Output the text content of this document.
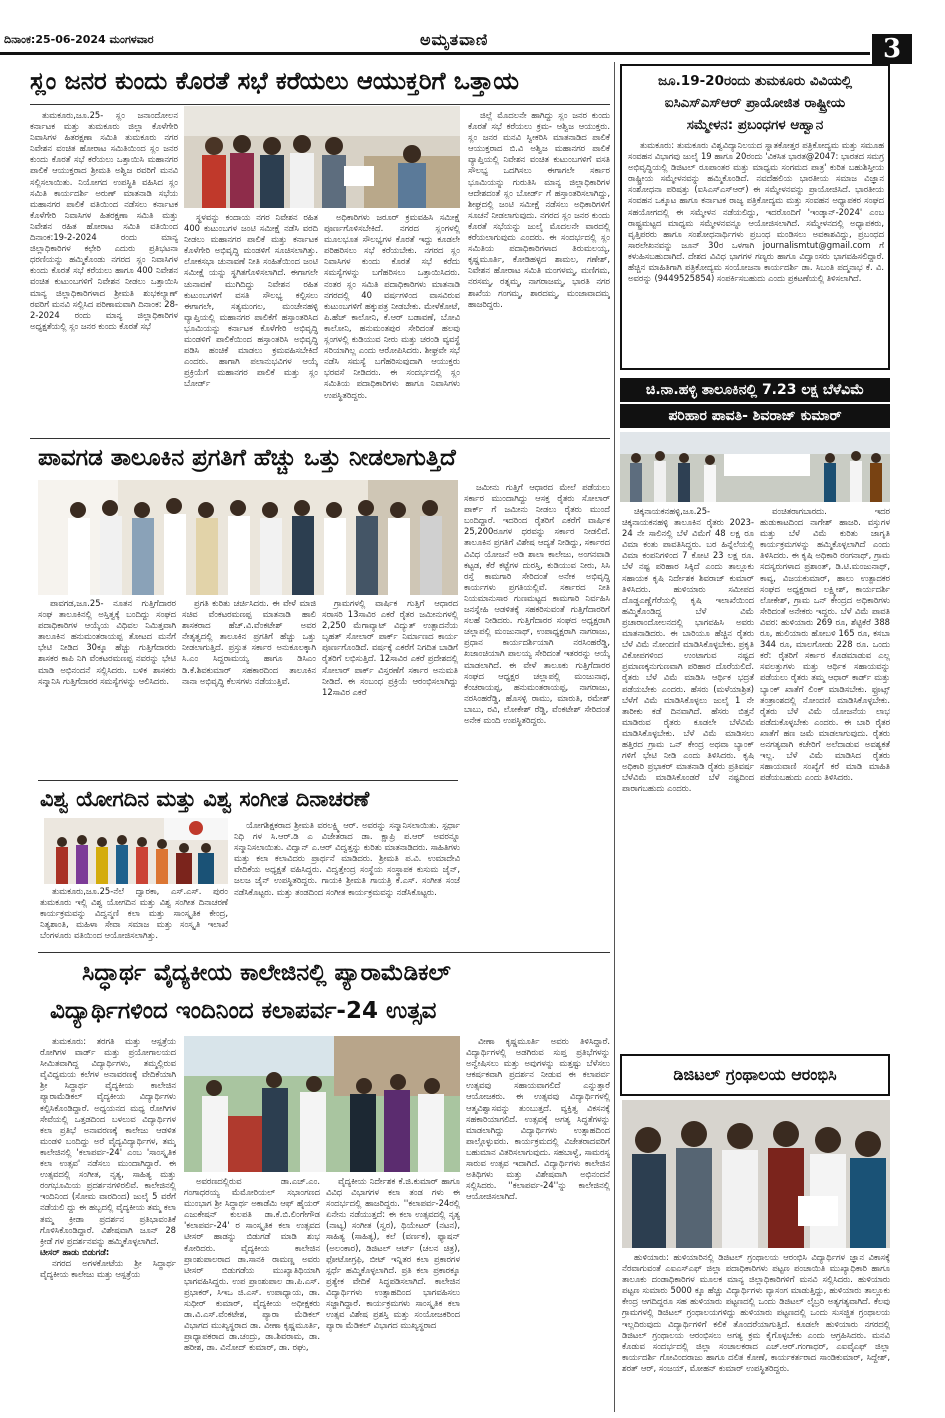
ದಿನಾಂಕ:25-06-2024 ಮಂಗಳವಾರ	ಅಮೃತವಾಣಿ	3
ಸ್ಲಂ ಜನರ ಕುಂದು ಕೊರತೆ ಸಭೆ ಕರೆಯಲು ಆಯುಕ್ತರಿಗೆ ಒತ್ತಾಯ

ತುಮಕೂರು,ಜೂ.25- ಸ್ಲಂ ಜನಾಂದೋಲನ ಕರ್ನಾಟಕ ಮತ್ತು ತುಮಕೂರು ಜಿಲ್ಲಾ ಕೊಳೆಗೇರಿ ನಿವಾಸಿಗಳ ಹಿತರಕ್ಷಣಾ ಸಮಿತಿ ತುಮಕೂರು ನಗರ ನಿವೇಶನ ವಂಚಿತ ಹೋರಾಟ ಸಮಿತಿಯಿಂದ ಸ್ಲಂ ಜನರ ಕುಂದು ಕೊರತೆ ಸಭೆ ಕರೆಯಲು ಒತ್ತಾಯಿಸಿ ಮಹಾನಗರ ಪಾಲಿಕೆ ಆಯುಕ್ತರಾದ ಶ್ರೀಮತಿ ಅಶ್ವಿಜ ರವರಿಗೆ ಮನವಿ ಸಲ್ಲಿಸಲಾಯಿತು. ನಿಯೋಗದ ಉಪಸ್ಥಿತಿ ವಹಿಸಿದ ಸ್ಲಂ ಸಮಿತಿ ಕಾರ್ಯದರ್ಶಿ ಅರುಣ್ ಮಾತನಾಡಿ ಸಭೆಯ ಮಹಾನಗರ ಪಾಲಿಕೆ ವತಿಯಿಂದ ನಡೆಸಲು ಕರ್ನಾಟಕ ಕೊಳೆಗೇರಿ ನಿವಾಸಿಗಳ ಹಿತರಕ್ಷಣಾ ಸಮಿತಿ ಮತ್ತು ನಿವೇಶನ ರಹಿತ ಹೋರಾಟ ಸಮಿತಿ ವತಿಯಿಂದ ದಿನಾಂಕ:19-2-2024 ರಂದು ಮಾನ್ಯ ಜಿಲ್ಲಾಧಿಕಾರಿಗಳ ಕಛೇರಿ ಎದುರು ಪ್ರತಿಭಟನಾ ಧರಣಿಯನ್ನು ಹಮ್ಮಿಕೊಂಡು ನಗರದ ಸ್ಲಂ ನಿವಾಸಿಗಳ ಕುಂದು ಕೊರತೆ ಸಭೆ ಕರೆಯಲು ಹಾಗೂ 400 ನಿವೇಶನ ವಂಚಿತ ಕುಟುಂಬಗಳಿಗೆ ನಿವೇಶನ ನೀಡಲು ಒತ್ತಾಯಿಸಿ ಮಾನ್ಯ ಜಿಲ್ಲಾಧಿಕಾರಿಗಳಾದ ಶ್ರೀಮತಿ ಶುಭಕಲ್ಯಾಣ್ ರವರಿಗೆ ಮನವಿ ಸಲ್ಲಿಸಿದ ಪರಿಣಾಮವಾಗಿ ದಿನಾಂಕ: 28-2-2024 ರಂದು ಮಾನ್ಯ ಜಿಲ್ಲಾಧಿಕಾರಿಗಳ ಅಧ್ಯಕ್ಷತೆಯಲ್ಲಿ ಸ್ಲಂ ಜನರ ಕುಂದು ಕೊರತೆ ಸಭೆ

ಸ್ಥಳವನ್ನು ಕಂದಾಯ ನಗರ ನಿವೇಶನ ರಹಿತ 400 ಕುಟುಂಬಗಳ ಜಂಟಿ ಸಮೀಕ್ಷೆ ನಡೆಸಿ ವರದಿ ನೀಡಲು ಮಹಾನಗರ ಪಾಲಿಕೆ ಮತ್ತು ಕರ್ನಾಟಕ ಕೊಳೆಗೇರಿ ಅಭಿವೃದ್ಧಿ ಮಂಡಳಿಗೆ ಸೂಚಿಸಲಾಗಿತ್ತು. ಲೋಕಸಭಾ ಚುನಾವಣೆ ನೀತಿ ಸಂಹಿತೆಯಿಂದ ಜಂಟಿ ಸಮೀಕ್ಷೆ ಯನ್ನು ಸ್ಥಗಿತಗೊಳಿಸಲಾಗಿದೆ. ಈಗಾಗಲೇ ಚುನಾವಣೆ ಮುಗಿದಿದ್ದು ನಿವೇಶನ ರಹಿತ ಕುಟುಂಬಗಳಿಗೆ ವಸತಿ ಸೌಲಭ್ಯ ಕಲ್ಪಿಸಲು ಈಗಾಗಲೇ, ಸತ್ಯಮಂಗಲ, ಮಂಚೇನಹಳ್ಳಿ ವ್ಯಾಪ್ತಿಯಲ್ಲಿ ಮಹಾನಗರ ಪಾಲಿಕೆಗೆ ಹಸ್ತಾಂತರಿಸಿದ ಭೂಮಿಯನ್ನು ಕರ್ನಾಟಕ ಕೊಳೆಗೇರಿ ಅಭಿವೃದ್ಧಿ ಮಂಡಳಿಗೆ ಪಾಲಿಕೆಯಿಂದ ಹಸ್ತಾಂತರಿಸಿ ಅಭಿವೃದ್ಧಿ ಪಡಿಸಿ ಹಂಚಿಕೆ ಮಾಡಲು ಕ್ರಮವಹಿಸಬೇಕಿದೆ ಎಂದರು. ಹಾಗಾಗಿ ಪಲಾನುಭವಿಗಳ ಆಯ್ಕೆ ಪ್ರಕ್ರಿಯೆಗೆ ಮಹಾನಗರ ಪಾಲಿಕೆ ಮತ್ತು ಸ್ಲಂ ಬೋರ್ಡ್

ಅಧಿಕಾರಿಗಳು ಜರೂರ್ ಕ್ರಮವಹಿಸಿ ಸಮೀಕ್ಷೆ ಪೂರ್ಣಗೊಳಿಸಬೇಕಿದೆ. ನಗರದ ಸ್ಲಂಗಳಲ್ಲಿ ಮೂಲಭೂತ ಸೌಲಭ್ಯಗಳ ಕೊರತೆ ಇದ್ದು ಕೂಡಲೇ ಪರಿಹರಿಸಲು ಸಭೆ ಕರೆಯಬೇಕು. ನಗರದ ಸ್ಲಂ ನಿವಾಸಿಗಳ ಕುಂದು ಕೊರತೆ ಸಭೆ ಕರೆದು ಸಮಸ್ಯೆಗಳನ್ನು ಬಗೆಹರಿಸಲು ಒತ್ತಾಯಿಸಿದರು. ನಂತರ ಸ್ಲಂ ಸಮಿತಿ ಪದಾಧಿಕಾರಿಗಳು ಮಾತನಾಡಿ ನಗರದಲ್ಲಿ 40 ವರ್ಷಗಳಿಂದ ವಾಸವಿರುವ ಕುಟುಂಬಗಳಿಗೆ ಹಕ್ಕುಪತ್ರ ನೀಡಬೇಕು. ಮೇಳೆಕೋಟೆ, ಪಿ.ಹೆಚ್ ಕಾಲೋನಿ, ಕೆ.ಆರ್ ಬಡಾವಣೆ, ಬೋವಿ ಕಾಲೋನಿ, ಹನುಮಂತಪುರ ಸೇರಿದಂತೆ ಹಲವು ಸ್ಲಂಗಳಲ್ಲಿ ಕುಡಿಯುವ ನೀರು ಮತ್ತು ಚರಂಡಿ ವ್ಯವಸ್ಥೆ ಸರಿಯಾಗಿಲ್ಲ ಎಂದು ಆರೋಪಿಸಿದರು. ಶೀಘ್ರವೇ ಸಭೆ ನಡೆಸಿ ಸಮಸ್ಯೆ ಬಗೆಹರಿಸುವುದಾಗಿ ಆಯುಕ್ತರು ಭರವಸೆ ನೀಡಿದರು. ಈ ಸಂದರ್ಭದಲ್ಲಿ ಸ್ಲಂ ಸಮಿತಿಯ ಪದಾಧಿಕಾರಿಗಳು ಹಾಗೂ ನಿವಾಸಿಗಳು ಉಪಸ್ಥಿತರಿದ್ದರು.

ಜಿಲ್ಲೆ ಮೊದಲನೇ ಹಾಗಿದ್ದು ಸ್ಲಂ ಜನರ ಕುಂದು ಕೊರತೆ ಸಭೆ ಕರೆಯಲು ಕ್ರಮ- ಆಶ್ವಿಜ ಆಯುಕ್ತರು. ಸ್ಲಂ ಜನರ ಮನವಿ ಸ್ವೀಕರಿಸಿ ಮಾತನಾಡಿದ ಪಾಲಿಕೆ ಆಯುಕ್ತರಾದ ಬಿ.ವಿ ಅಶ್ವಿಜ ಮಹಾನಗರ ಪಾಲಿಕೆ ವ್ಯಾಪ್ತಿಯಲ್ಲಿ ನಿವೇಶನ ವಂಚಿತ ಕುಟುಂಬಗಳಿಗೆ ವಸತಿ ಸೌಲಭ್ಯ ಒದಗಿಸಲು ಈಗಾಗಲೇ ಸರ್ಕಾರ ಭೂಮಿಯನ್ನು ಗುರುತಿಸಿ ಮಾನ್ಯ ಜಿಲ್ಲಾಧಿಕಾರಿಗಳ ಆದೇಶದಂತೆ ಸ್ಲಂ ಬೋರ್ಡ್ ಗೆ ಹಸ್ತಾಂತರಿಸಲಾಗಿದ್ದು, ಶೀಘ್ರದಲ್ಲಿ ಜಂಟಿ ಸಮೀಕ್ಷೆ ನಡೆಸಲು ಅಧಿಕಾರಿಗಳಿಗೆ ಸೂಚನೆ ನೀಡಲಾಗುವುದು. ನಗರದ ಸ್ಲಂ ಜನರ ಕುಂದು ಕೊರತೆ ಸಭೆಯನ್ನು ಜುಲೈ ಮೊದಲನೇ ವಾರದಲ್ಲಿ ಕರೆಯಲಾಗುವುದು ಎಂದರು. ಈ ಸಂದರ್ಭದಲ್ಲಿ ಸ್ಲಂ ಸಮಿತಿಯ ಪದಾಧಿಕಾರಿಗಳಾದ ತಿರುಮಲಯ್ಯ, ಕೃಷ್ಣಮೂರ್ತಿ, ಕೋಡಿಹಳ್ಳದ ಶಾಮಲ, ಗಣೇಶ್, ನಿವೇಶನ ಹೋರಾಟ ಸಮಿತಿ ಮಂಗಳಮ್ಮ, ಮಣಿಗಮ, ನರಸಮ್ಮ, ರತ್ನಮ್ಮ, ನಾಗರಾಜಮ್ಮ, ಭಾರತಿ ನಗರ ಶಾಖೆಯ ಗಂಗಮ್ಮ, ಶಾರದಮ್ಮ, ಮಂಜಾವಾದಮ್ಮ ಹಾಜರಿದ್ದರು.

ಪಾವಗಡ ತಾಲೂಕಿನ ಪ್ರಗತಿಗೆ ಹೆಚ್ಚು ಒತ್ತು ನೀಡಲಾಗುತ್ತಿದೆ

ಪಾವಗಡ,ಜೂ.25- ನೂತನ ಗುತ್ತಿಗೆದಾರರ ಸಂಘ ತಾಲೂಕಿನಲ್ಲಿ ಅಸ್ತಿತ್ವಕ್ಕೆ ಬಂದಿದ್ದು ಸಂಘದ ಪದಾಧಿಕಾರಿಗಳ ಆಯ್ಕೆಯ ವಿಧಿವಲ ನಿಮಿತ್ತವಾಗಿ ತಾಲೂಕಿನ ಹನುಮಂತರಾಯಪ್ಪ ತೋಟದ ಮನೆಗೆ ಭೇಟಿ ನೀಡಿದ 30ಕ್ಕೂ ಹೆಚ್ಚು ಗುತ್ತಿಗೆದಾರರು ಶಾಸಕರ ಕಾಪಿ ನಿಗಿ ವೆಂಕಟರಮಣಪ್ಪ ನವರನ್ನು ಭೇಟಿ ಮಾಡಿ ಅಭಿನಂದನೆ ಸಲ್ಲಿಸಿದರು. ಬಳಿಕ ಶಾಸಕರು ಸನ್ಮಾನಿಸಿ ಗುತ್ತಿಗೆದಾರರ ಸಮಸ್ಯೆಗಳನ್ನು ಆಲಿಸಿದರು.

ಪ್ರಗತಿ ಕುರಿತು ಚರ್ಚಿಸಿದರು. ಈ ವೇಳೆ ಮಾಜಿ ಸಚಿವ ವೆಂಕಟರಮಣಪ್ಪ ಮಾತನಾಡಿ ಹಾಲಿ ಶಾಸಕರಾದ ಹೆಚ್.ವಿ.ವೆಂಕಟೇಶ್ ಅವರ ನೇತೃತ್ವದಲ್ಲಿ ತಾಲೂಕಿನ ಪ್ರಗತಿಗೆ ಹೆಚ್ಚು ಒತ್ತು ನೀಡಲಾಗುತ್ತಿದೆ. ಪ್ರಸ್ತುತ ಸರ್ಕಾರ ಅನುಕೂಲಕ್ಕಾಗಿ ಸಿ.ಎಂ ಸಿದ್ದರಾಮಯ್ಯ ಹಾಗೂ ಡಿಸಿಎಂ ಡಿ.ಕೆ.ಶಿವಕುಮಾರ್ ಸಹಕಾರದಿಂದ ತಾಲೂಕಿನ ನಾನಾ ಅಭಿವೃದ್ಧಿ ಕೆಲಸಗಳು ನಡೆಯುತ್ತಿವೆ.

ಗ್ರಾಮಗಳಲ್ಲಿ ವಾರ್ಷಿಕ ಗುತ್ತಿಗೆ ಆಧಾರದ ಸರಾಸರಿ 13ಸಾವಿರ ಎಕರೆ ರೈತರ ಜಮೀನುಗಳಲ್ಲಿ 2,250 ಮೆಗಾವ್ಯಾಟ್ ವಿದ್ಯುತ್ ಉತ್ಪಾದನೆಯ ಬೃಹತ್ ಸೋಲಾರ್ ಪಾರ್ಕ್ ನಿರ್ಮಾಣದ ಕಾರ್ಯ ಪೂರ್ಣಗೊಂಡಿದೆ. ವರ್ಷಕ್ಕೆ ಎಕರೆಗೆ ನಿಗದಿತ ಬಾಡಿಗೆ ರೈತರಿಗೆ ಲಭಿಸುತ್ತಿದೆ. 12ಸಾವಿರ ಎಕರೆ ಪ್ರದೇಶದಲ್ಲಿ ಸೋಲಾರ್ ಪಾರ್ಕ್ ವಿಸ್ತರಣೆಗೆ ಸರ್ಕಾರ ಅನುಮತಿ ನೀಡಿದೆ. ಈ ಸಂಬಂಧ ಪ್ರಕ್ರಿಯೆ ಆರಂಭಿಸಲಾಗಿದ್ದು 12ಸಾವಿರ ಎಕರೆ

ಜಮೀನು ಗುತ್ತಿಗೆ ಆಧಾರದ ಮೇಲೆ ಪಡೆಯಲು ಸರ್ಕಾರ ಮುಂದಾಗಿದ್ದು ಆಸಕ್ತ ರೈತರು ಸೋಲಾರ್ ಪಾರ್ಕ್ ಗೆ ಜಮೀನು ನೀಡಲು ರೈತರು ಮುಂದೆ ಬಂದಿದ್ದಾರೆ. ಇದರಿಂದ ರೈತರಿಗೆ ಎಕರೆಗೆ ವಾರ್ಷಿಕ 25,200ರೂಗಳ ಧರವನ್ನು ಸರ್ಕಾರ ನೀಡಲಿದೆ. ತಾಲೂಕಿನ ಪ್ರಗತಿಗೆ ವಿಶೇಷ ಆದ್ಯತೆ ನೀಡಿದ್ದು, ಸರ್ಕಾರದ ವಿವಿಧ ಯೋಜನೆ ಅಡಿ ಶಾಲಾ ಕಾಲೇಜು, ಅಂಗನವಾಡಿ ಕಟ್ಟಡ, ಕೆರೆ ಕಟ್ಟೆಗಳ ದುರಸ್ತಿ, ಕುಡಿಯುವ ನೀರು, ಸಿಸಿ ರಸ್ತೆ ಕಾಮಗಾರಿ ಸೇರಿದಂತೆ ಅನೇಕ ಅಭಿವೃದ್ಧಿ ಕಾರ್ಯಗಳು ಪ್ರಗತಿಯಲ್ಲಿವೆ. ಸರ್ಕಾರದ ನೀತಿ ನಿಯಮಾನುಸಾರ ಗುಣಮಟ್ಟದ ಕಾಮಗಾರಿ ನಿರ್ವಹಿಸಿ ಜನಸ್ನೇಹಿ ಆಡಳಿತಕ್ಕೆ ಸಹಕರಿಸುವಂತೆ ಗುತ್ತಿಗೆದಾರರಿಗೆ ಸಲಹೆ ನೀಡಿದರು. ಗುತ್ತಿಗೆದಾರರ ಸಂಘದ ಅಧ್ಯಕ್ಷರಾಗಿ ಚಲ್ಲಾಪಲ್ಲಿ ಮಂಜುನಾಥ್, ಉಪಾಧ್ಯಕ್ಷರಾಗಿ ನಾಗರಾಜು, ಪ್ರಧಾನ ಕಾರ್ಯದರ್ಶಿಯಾಗಿ ನರಸಿಂಹರೆಡ್ಡಿ, ಖಜಾಂಚಿಯಾಗಿ ಪಾಲಯ್ಯ ಸೇರಿದಂತೆ ಇತರರನ್ನು ಆಯ್ಕೆ ಮಾಡಲಾಗಿದೆ. ಈ ವೇಳೆ ತಾಲೂಕು ಗುತ್ತಿಗೆದಾರರ ಸಂಘದ ಆಧ್ಯಕ್ಷರ ಚಲ್ಲಾಪಲ್ಲಿ ಮಂಜುನಾಥ, ಕೆಂಚರಾಯಪ್ಪ, ಹನುಮಂತರಾಯಪ್ಪ, ನಾಗರಾಜು, ನರಸಿಂಹರೆಡ್ಡಿ, ಹೊಸಳ್ಳಿ ರಾಮು, ಮಾರುತಿ, ರಮೇಶ್ ಬಾಬು, ರವಿ, ಲೋಕೇಶ್ ರೆಡ್ಡಿ, ವೆಂಕಟೇಶ್ ಸೇರಿದಂತೆ ಅನೇಕ ಮಂದಿ ಉಪಸ್ಥಿತರಿದ್ದರು.

ವಿಶ್ವ ಯೋಗದಿನ ಮತ್ತು ವಿಶ್ವ ಸಂಗೀತ ದಿನಾಚರಣೆ

ತುಮಕೂರು,ಜೂ.25-ನೆಲೆ ದ್ವಾರಕಾ, ಎಸ್.ಎಸ್. ಪುರಂ ತುಮಕೂರು ಇಲ್ಲಿ ವಿಶ್ವ ಯೋಗದಿನ ಮತ್ತು ವಿಶ್ವ ಸಂಗೀತ ದಿನಾಚರಣೆ ಕಾರ್ಯಕ್ರಮವನ್ನು ವಿದ್ವನ್ಮಣಿ ಕಲಾ ಮತ್ತು ಸಾಂಸ್ಕೃತಿಕ ಕೇಂದ್ರ, ನಿತ್ಯಶಾಂತಿ, ಮಹಿಳಾ ಸೇವಾ ಸಮಾಜ ಮತ್ತು ಸಂಸ್ಕೃತಿ ಇಲಾಖೆ ಬೆಂಗಳೂರು ವತಿಯಿಂದ ಆಯೋಜಿಸಲಾಗಿತ್ತು.

ಯೋಗಶಿಕ್ಷಕರಾದ ಶ್ರೀಮತಿ ವರಲಕ್ಷ್ಮಿ ಆರ್. ಅವರನ್ನು ಸನ್ಮಾನಿಸಲಾಯಿತು. ಸ್ಪರ್ಧಾ ನಿಧಿ ಗಳ ಸಿ.ಆರ್.ಡಿ ಎ ವಿಜೇತರಾದ ಡಾ. ಕ್ಷಾಪ್ರಿ ಪ.ಆರ್ ಅವರನ್ನೂ ಸನ್ಮಾನಿಸಲಾಯಿತು. ವಿದ್ವಾನ್ ಎ.ಆರ್ ವಿದ್ವತ್ತನ್ನು ಕುರಿತು ಮಾತನಾಡಿದರು. ಸಾಹಿತಿಗಳು ಮತ್ತು ಕಲಾ ಕಲಾವಿದರು ಪ್ರಾರ್ಥನೆ ಮಾಡಿದರು. ಶ್ರೀಮತಿ ಪ.ವಿ. ಉಮಾದೇವಿ ವೇದಿಕೆಯ ಅಧ್ಯಕ್ಷತೆ ವಹಿಸಿದ್ದರು. ವಿದ್ವತ್ತೇಂದ್ರ ಸಂಸ್ಥೆಯ ಸಂಸ್ಥಾಪಕ ಕುಸುಮ ಜೈನ್, ಜಲಜ ಜೈನ್ ಉಪಸ್ಥಿತರಿದ್ದರು. ಗಾಯಕಿ ಶ್ರೀಮತಿ ಗಾಯತ್ರಿ ಕೆ.ಎಸ್. ಸಂಗೀತ ಸಂಜೆ ನಡೆಸಿಕೊಟ್ಟರು. ಮತ್ತು ತಂಡದಿಂದ ಸಂಗೀತ ಕಾರ್ಯಕ್ರಮವನ್ನು ನಡೆಸಿಕೊಟ್ಟರು.

ಸಿದ್ಧಾರ್ಥ ವೈದ್ಯಕೀಯ ಕಾಲೇಜಿನಲ್ಲಿ ಪ್ಯಾರಾಮೆಡಿಕಲ್
ವಿದ್ಯಾರ್ಥಿಗಳಿಂದ ಇಂದಿನಿಂದ ಕಲಾಪರ್ವ-24 ಉತ್ಸವ

ತುಮಕೂರು: ತರಗತಿ ಮತ್ತು ಆಸ್ಪತ್ರೆಯ ರೋಗಿಗಳ ವಾರ್ಡ್ ಮತ್ತು ಪ್ರಯೋಗಾಲಯದ ಸೀಮಿತವಾಗಿದ್ದ ವಿದ್ಯಾರ್ಥಿಗಳು, ತಮ್ಮಲ್ಲಿರುವ ವೈವಿಧ್ಯಮಯ ಕಲೆಗಳ ಅನಾವರಣಕ್ಕೆ ವೇದಿಕೆಯಾಗಿ ಶ್ರೀ ಸಿದ್ಧಾರ್ಥ ವೈದ್ಯಕೀಯ ಕಾಲೇಜಿನ ಪ್ಯಾರಾಮೆಡಿಕಲ್ ವೈದ್ಯಕೀಯ ವಿದ್ಯಾರ್ಥಿಗಳು ಕಲ್ಪಿಸಿಕೊಂಡಿದ್ದಾರೆ. ಅಧ್ಯಯನದ ಮಧ್ಯ ರೋಗಿಗಳ ಸೇವೆಯಲ್ಲಿ ಒತ್ತಡದಿಂದ ಬಳಲುವ ವಿದ್ಯಾರ್ಥಿಗಳ ಕಲಾ ಪ್ರತಿಭೆ ಅನಾವರಣಕ್ಕೆ ಕಾಲೇಜು ಆಡಳಿತ ಮಂಡಳಿ ಬಂದಿದ್ದು ಅರೆ ವೈದ್ಯವಿದ್ಯಾರ್ಥಿಗಳ, ತಮ್ಮ ಕಾಲೇಜಿನಲ್ಲಿ 'ಕಲಾಪರ್ವ-24' ಎಂಬ 'ಸಾಂಸ್ಕೃತಿಕ ಕಲಾ ಉತ್ಸವ' ನಡೆಸಲು ಮುಂದಾಗಿದ್ದಾರೆ. ಈ ಉತ್ಸವದಲ್ಲಿ ಸಂಗೀತ, ನೃತ್ಯ, ಸಾಹಿತ್ಯ ಮತ್ತು ರಂಗಭೂಮಿಯ ಪ್ರದರ್ಶನಗಳಿರಲಿವೆ. ಕಾಲೇಜಿನಲ್ಲಿ ಇಂದಿನಿಂದ (ಸೋಮ ವಾರದಿಂದ) ಜುಲೈ 5 ವರೆಗೆ ನಡೆಯಲಿ ದ್ದು ಈ ಹಬ್ಬದಲ್ಲಿ ವೈದ್ಯಕೀಯ ತಮ್ಮ ಕಲಾ ತಮ್ಮ ಕ್ರೀಡಾ ಪ್ರದರ್ಶನ ಪ್ರತಿಭಾವಂತಿಕೆ ಗೊಳಿಸಿಕೊಂಡಿದ್ದಾರೆ. ವಿಶೇಷವಾಗಿ ಜೂನ್ 28 ಕ್ರೀಡೆ ಗಳ ಪ್ರದರ್ಶನವನ್ನು ಹಮ್ಮಿಕೊಳ್ಳಲಾಗಿದೆ.

ಟೀಸರ್ ಹಾಡು ಬಿಡುಗಡೆ:

ನಗರದ ಅಗಳಕೋಟೆಯ ಶ್ರೀ ಸಿದ್ಧಾರ್ಥ ವೈದ್ಯಕೀಯ ಕಾಲೇಜು ಮತ್ತು ಆಸ್ಪತ್ರೆಯ

ಅವರಣದಲ್ಲಿರುವ ಡಾ.ಎಚ್.ಎಂ. ಗಂಗಾಧರಯ್ಯ ಮೆಮೋರಿಯಲ್ ಸಭಾಂಗಣದ ಮುಂಭಾಗ ಶ್ರೀ ಸಿದ್ಧಾರ್ಥ ಅಕಾಡೆಮಿ ಆಫ್ ಹೈಯರ್ ಎಜುಕೇಷನ್ ಕುಲಪತಿ ಡಾ.ಕೆ.ಬಿ.ಲಿಂಗೇಗೌಡ 'ಕಲಾಪರ್ವ-24' ರ ಸಾಂಸ್ಕೃತಿಕ ಕಲಾ ಉತ್ಸವದ ಟೀಸರ್ ಹಾಡನ್ನು ಬಿಡುಗಡೆ ಮಾಡಿ ಶುಭ ಕೋರಿದರು. ವೈದ್ಯಕೀಯ ಕಾಲೇಜಿನ ಪ್ರಾಂಶುಪಾಲರಾದ ಡಾ.ಸಾನಕಿ ರಾಮಣ್ಣ ಅವರು ಟೀಸರ್ ಬಿಡುಗಡೆಯ ಮುಖ್ಯಾತಿಥಿಯಾಗಿ ಭಾಗವಹಿಸಿದ್ದರು. ಉಪ ಪ್ರಾಂಶುಪಾಲ ಡಾ.ಪಿ.ಎಸ್. ಪ್ರಭಾಕರ್, ಸಿಇಒ ಜಿ.ಎಸ್. ಉಪಾಧ್ಯಾಯ, ಡಾ. ಸುಧೀರ್ ಕುಮಾರ್, ವೈದ್ಯಕೀಯ ಅಧೀಕ್ಷಕರು ಡಾ.ವಿ.ಎಸ್.ವೆಂಕಟೇಶ, ಪ್ಯಾರಾ ಮೆಡಿಕಲ್ ವಿಭಾಗದ ಮುಖ್ಯಸ್ಥರಾದ ಡಾ. ವೀಣಾ ಕೃಷ್ಣಮೂರ್ತಿ, ಪ್ರಾಧ್ಯಾಪಕರಾದ ಡಾ.ಚಂದ್ರು, ಡಾ.ಶಿವರಾಮ, ಡಾ. ಹರೀಶ, ಡಾ. ವಿನೋದ್ ಕುಮಾರ್, ಡಾ. ರಘು,

ವೈದ್ಯಕೀಯ ನಿರ್ದೇಶಕ ಕೆ.ಜಿ.ಕುಮಾರ್ ಹಾಗೂ ವಿವಿಧ ವಿಭಾಗಗಳ ಕಲಾ ತಂಡ ಗಳು ಈ ಸಂದರ್ಭದಲ್ಲಿ ಹಾಜರಿದ್ದರು. ''ಕಲಾಪರ್ವ-24ರಲ್ಲಿ ಏನೇನು ನಡೆಯುತ್ತದೆ: ಈ ಕಲಾ ಉತ್ಸವದಲ್ಲಿ ನೃತ್ಯ (ನಾಟ್ಯ) ಸಂಗೀತ (ಸ್ವರ), ಥಿಯೇಟರ್ (ನಟನ), ಸಾಹಿತ್ಯ (ಸಾಹಿತ್ಯ), ಕಲೆ (ವರ್ಣಕ), ಫ್ಯಾಷನ್ (ಅಲಂಕಾರ), ಡಿಜಿಟಲ್ ಆರ್ಟ್ (ಚಲನ ಚಿತ್ರ), ಫೋಟೋಗ್ರಫಿ, ಬೀಟ್ ಇನ್ನಿತರ ಕಲಾ ಪ್ರಕಾರಗಳ ಸ್ಪರ್ಧೆ ಹಮ್ಮಿಕೊಳ್ಳಲಾಗಿದೆ. ಪ್ರತಿ ಕಲಾ ಪ್ರಕಾರಕ್ಕೂ ಪ್ರತ್ಯೇಕ ವೇದಿಕೆ ಸಿದ್ಧಪಡಿಸಲಾಗಿದೆ. ಕಾಲೇಜಿನ ವಿದ್ಯಾರ್ಥಿಗಳು ಉತ್ಸಾಹದಿಂದ ಭಾಗವಹಿಸಲು ಸಜ್ಜಾಗಿದ್ದಾರೆ. ಕಾರ್ಯಕ್ರಮಗಳು ಸಾಂಸ್ಕೃತಿಕ ಕಲಾ ಉತ್ಸವ ವಿಶೇಷ ಪ್ರಶಸ್ತಿ ಮತ್ತು ಸಂಯೋಜಕರಿಂದ ಪ್ಯಾರಾ ಮೆಡಿಕಲ್ ವಿಭಾಗದ ಮುಖ್ಯಸ್ಥರಾದ

ವೀಣಾ ಕೃಷ್ಣಮೂರ್ತಿ ಅವರು ತಿಳಿಸಿದ್ದಾರೆ. ವಿದ್ಯಾರ್ಥಿಗಳಲ್ಲಿ ಅಡಗಿರುವ ಸುಪ್ತ ಪ್ರತಿಭೆಗಳನ್ನು ಅನ್ವೇಷಿಸಲು ಮತ್ತು ಅವುಗಳನ್ನು ಮತ್ತಷ್ಟು ಬೆಳೆಸಲು ಆಕರ್ಷಕವಾಗಿ ಪ್ರದರ್ಶನ ನೀಡುವ ಈ ಕಲಾಪರ್ವ ಉತ್ಸವವು ಸಹಾಯವಾಗಲಿದೆ ಎನ್ನುತ್ತಾರೆ ಆಯೋಜಕರು. ಈ ಉತ್ಸವವು ವಿದ್ಯಾರ್ಥಿಗಳಲ್ಲಿ ಆತ್ಮವಿಶ್ವಾಸವನ್ನು ತುಂಬುತ್ತದೆ. ವ್ಯಕ್ತಿತ್ವ ವಿಕಸನಕ್ಕೆ ಸಹಕಾರಿಯಾಗಲಿದೆ. ಉತ್ಸವಕ್ಕೆ ಅಗತ್ಯ ಸಿದ್ಧತೆಗಳನ್ನು ಮಾಡಲಾಗಿದ್ದು ವಿದ್ಯಾರ್ಥಿಗಳು ಉತ್ಸಾಹದಿಂದ ಪಾಲ್ಗೊಳ್ಳುವರು. ಕಾರ್ಯಕ್ರಮದಲ್ಲಿ ವಿಜೇತರಾದವರಿಗೆ ಬಹುಮಾನ ವಿತರಿಸಲಾಗುವುದು. ಸಹಬಾಳ್ವೆ, ಸಾಮರಸ್ಯ ಸಾರುವ ಉತ್ಸವ ಇದಾಗಿದೆ. ವಿದ್ಯಾರ್ಥಿಗಳು ಕಾಲೇಜಿನ ಅತಿಥಿಗಳು ಮತ್ತು ವಿಶೇಷವಾಗಿ ಅಭಿನಂದನೆ ಸಲ್ಲಿಸಿದರು. ''ಕಲಾಪರ್ವ-24''ನ್ನು ಕಾಲೇಜಿನಲ್ಲಿ ಆಯೋಜಿಸಲಾಗಿದೆ.

ಜೂ.19-20ರಂದು ತುಮಕೂರು ವಿವಿಯಲ್ಲಿ
ಐಸಿಎಸ್ಎಸ್ಆರ್ ಪ್ರಾಯೋಜಿತ ರಾಷ್ಟ್ರೀಯ
ಸಮ್ಮೇಳನ: ಪ್ರಬಂಧಗಳ ಆಹ್ವಾನ

ತುಮಕೂರು: ತುಮಕೂರು ವಿಶ್ವವಿದ್ಯಾನಿಲಯದ ಸ್ನಾತಕೋತ್ತರ ಪತ್ರಿಕೋದ್ಯಮ ಮತ್ತು ಸಮೂಹ ಸಂವಹನ ವಿಭಾಗವು ಜುಲೈ 19 ಹಾಗೂ 20ರಂದು 'ವಿಕಸಿತ ಭಾರತ@2047: ಭಾರತದ ಸಮಗ್ರ ಅಭಿವೃದ್ಧಿಯಲ್ಲಿ ಡಿಜಿಟಲ್ ರೂಪಾಂತರ ಮತ್ತು ಮಾಧ್ಯಮ ಸಂಗಮದ ಪಾತ್ರ' ಕುರಿತ ಬಹುಶಿಸ್ತೀಯ ರಾಷ್ಟ್ರೀಯ ಸಮ್ಮೇಳನವನ್ನು ಹಮ್ಮಿಕೊಂಡಿದೆ. ನವದೆಹಲಿಯ ಭಾರತೀಯ ಸಮಾಜ ವಿಜ್ಞಾನ ಸಂಶೋಧನಾ ಪರಿಷತ್ತು (ಐಸಿಎಸ್ಎಸ್ಆರ್) ಈ ಸಮ್ಮೇಳನವನ್ನು ಪ್ರಾಯೋಜಿಸಿದೆ. ಭಾರತೀಯ ಸಂವಹನ ಒಕ್ಕೂಟ ಹಾಗೂ ಕರ್ನಾಟಕ ರಾಜ್ಯ ಪತ್ರಿಕೋದ್ಯಮ ಮತ್ತು ಸಂವಹನ ಅಧ್ಯಾಪಕರ ಸಂಘದ ಸಹಯೋಗದಲ್ಲಿ ಈ ಸಮ್ಮೇಳನ ನಡೆಯಲಿದ್ದು, ಇದರೊಂದಿಗೆ 'ಇಂಡ್ಕಾನ್-2024' ಎಂಬ ರಾಷ್ಟ್ರಮಟ್ಟದ ಮಾಧ್ಯಮ ಸಮ್ಮೇಳನವನ್ನೂ ಆಯೋಜಿಸಲಾಗಿದೆ. ಸಮ್ಮೇಳನದಲ್ಲಿ ಅಧ್ಯಾಪಕರು, ವೃತ್ತಿಪರರು ಹಾಗೂ ಸಂಶೋಧನಾರ್ಥಿಗಳು ಪ್ರಬಂಧ ಮಂಡಿಸಲು ಅವಕಾಶವಿದ್ದು, ಪ್ರಬಂಧದ ಸಾರಲೇಖನವನ್ನು ಜೂನ್ 30ರ ಒಳಗಾಗಿ journalismtut@gmail.com ಗೆ ಕಳುಹಿಸಬಹುದಾಗಿದೆ. ದೇಶದ ವಿವಿಧ ಭಾಗಗಳ ಗಣ್ಯರು ಹಾಗೂ ವಿದ್ವಾಂಸರು ಭಾಗವಹಿಸಲಿದ್ದಾರೆ. ಹೆಚ್ಚಿನ ಮಾಹಿತಿಗಾಗಿ ಪತ್ರಿಕೋದ್ಯಮ ಸಂಯೋಜನಾ ಕಾರ್ಯದರ್ಶಿ ಡಾ. ಸಿಬಂತಿ ಪದ್ಮನಾಭ ಕೆ. ವಿ. ಅವರನ್ನು (9449525854) ಸಂಪರ್ಕಿಸಬಹುದು ಎಂದು ಪ್ರಕಟಣೆಯಲ್ಲಿ ತಿಳಿಸಲಾಗಿದೆ.

ಚಿ.ನಾ.ಹಳ್ಳಿ ತಾಲೂಕಿನಲ್ಲಿ 7.23 ಲಕ್ಷ ಬೆಳೆವಿಮೆ
ಪರಿಹಾರ ಪಾವತಿ- ಶಿವರಾಜ್ ಕುಮಾರ್

ಚಿಕ್ಕನಾಯಕನಹಳ್ಳಿ,ಜೂ.25- ಚಿಕ್ಕನಾಯಕನಹಳ್ಳಿ ತಾಲೂಕಿನ ರೈತರು 2023-24 ನೇ ಸಾಲಿನಲ್ಲಿ ಬೆಳೆ ವಿಮೆಗೆ 48 ಲಕ್ಷ ರೂ ವಿಮಾ ಕಂತು ಪಾವತಿಸಿದ್ದರು. ಬರ ಹಿನ್ನೆಲೆಯಲ್ಲಿ ವಿಮಾ ಕಂಪನಿಗಳಿಂದ 7 ಕೋಟಿ 23 ಲಕ್ಷ ರೂ. ಬೆಳೆ ನಷ್ಟ ಪರಿಹಾರ ಸಿಕ್ಕಿದೆ ಎಂದು ತಾಲ್ಲೂಕು ಸಹಾಯಕ ಕೃಷಿ ನಿರ್ದೇಶಕ ಶಿವರಾಜ್ ಕುಮಾರ್ ತಿಳಿಸಿದರು. ಹುಳಿಯಾರು ಸಮೀಪದ ದೊಡ್ಡಎಣ್ಣೆಗೆರೆಯಲ್ಲಿ ಕೃಷಿ ಇಲಾಖೆಯಿಂದ ಹಮ್ಮಿಕೊಂಡಿದ್ದ ಬೆಳೆ ವಿಮೆ ಪ್ರಚಾರಾಂದೋಲನದಲ್ಲಿ ಭಾಗವಹಿಸಿ ಅವರು ಮಾತನಾಡಿದರು. ಈ ಬಾರಿಯೂ ಹೆಚ್ಚಿನ ರೈತರು ಬೆಳೆ ವಿಮೆ ನೋಂದಣಿ ಮಾಡಿಸಿಕೊಳ್ಳಬೇಕು. ಪ್ರಕೃತಿ ವಿಕೋಪಗಳಿಂದ ಉಂಟಾಗುವ ನಷ್ಟದ ಪ್ರಮಾಣಕ್ಕನುಗುಣವಾಗಿ ಪರಿಹಾರ ದೊರೆಯಲಿದೆ. ರೈತರು ಬೆಳೆ ವಿಮೆ ಮಾಡಿಸಿ ಆರ್ಥಿಕ ಭದ್ರತೆ ಪಡೆಯಬೇಕು ಎಂದರು. ಹೆಸರು (ಮಳೆಯಾಶ್ರಿತ) ಬೆಳೆಗೆ ವಿಮೆ ಮಾಡಿಸಿಕೊಳ್ಳಲು ಜುಲೈ 1 ನೇ ತಾರೀಕು ಕಡೆ ದಿನವಾಗಿದೆ. ಹೆಸರು ಬಿತ್ತನೆ ಮಾಡಿರುವ ರೈತರು ಕೂಡಲೇ ಬೆಳೆವಿಮೆ ಮಾಡಿಸಿಕೊಳ್ಳಬೇಕು. ಬೆಳೆ ವಿಮೆ ಮಾಡಿಸಲು ಹತ್ತಿರದ ಗ್ರಾಮ ಒನ್ ಕೇಂದ್ರ ಅಥವಾ ಬ್ಯಾಂಕ್ ಗಳಿಗೆ ಭೇಟಿ ನೀಡಿ ಎಂದು ತಿಳಿಸಿದರು. ಕೃಷಿ ಅಧಿಕಾರಿ ಪ್ರಭಾಕರ್ ಮಾತನಾಡಿ ರೈತರು ಪ್ರತಿವರ್ಷ ಬೆಳೆವಿಮೆ ಮಾಡಿಸಿಕೊಂಡರೆ ಬೆಳೆ ನಷ್ಟದಿಂದ ಪಾರಾಗಬಹುದು ಎಂದರು.

ವಂಚಿತರಾಗಬಾರದು. ಇದರ ಹುಡುಕಾಟದಿಂದ ನಾಗೇಶ್ ಹಾಜರಿ. ವಸ್ತುಗಳ ಮತ್ತು ಬೆಳೆ ವಿಮೆ ಕುರಿತು ಜಾಗೃತಿ ಕಾರ್ಯಕ್ರಮಗಳನ್ನು ಹಮ್ಮಿಕೊಳ್ಳಲಾಗಿದೆ ಎಂದು ತಿಳಿಸಿದರು. ಈ ಕೃಷಿ ಅಧಿಕಾರಿ ರಂಗನಾಥ್, ಗ್ರಾಮ ಸದಸ್ಯರುಗಳಾದ ಪ್ರಶಾಂತ್, ಡಿ.ಟಿ.ಮಂಜುನಾಥ್, ಕಾವ್ಯ, ವಿಜಯಕುಮಾರ್, ಹಾಲು ಉತ್ಪಾದಕರ ಸಂಘದ ಅಧ್ಯಕ್ಷರಾದ ಲಕ್ಷ್ಮೀಶ್, ಕಾರ್ಯದರ್ಶಿ ಲೋಕೇಶ್, ಗ್ರಾಮ ಒನ್ ಕೇಂದ್ರದ ಅಧಿಕಾರಿಗಳು ಸೇರಿದಂತೆ ಅನೇಕರು ಇದ್ದರು. ಬೆಳೆ ವಿಮೆ ಪಾವತಿ ವಿವರ: ಹುಳಿಯಾರು 269 ರೂ, ಶೆಟ್ಟಿಕೆರೆ 388 ರೂ, ಹುಲಿಯಾರು ಹೋಬಳಿ 165 ರೂ, ಕಸಬಾ 344 ರೂ, ಮಾಲಗೋಡು 228 ರೂ. ಒಂದು ಕರೆ: ರೈತರಿಗೆ ಸರ್ಕಾರ ಕೊಡಮಾಡುವ ಎಲ್ಲ ಸವಲತ್ತುಗಳು ಮತ್ತು ಆರ್ಥಿಕ ಸಹಾಯವನ್ನು ಪಡೆಯಲು ರೈತರು ತಮ್ಮ ಆಧಾರ್ ಕಾರ್ಡ್ ಮತ್ತು ಬ್ಯಾಂಕ್ ಖಾತೆಗೆ ಲಿಂಕ್ ಮಾಡಿಸಬೇಕು. ಫ್ರೂಟ್ಸ್ ತಂತ್ರಾಂಶದಲ್ಲಿ ನೋಂದಣಿ ಮಾಡಿಸಿಕೊಳ್ಳಬೇಕು. ರೈತರು ಬೆಳೆ ವಿಮೆ ಯೋಜನೆಯ ಲಾಭ ಪಡೆದುಕೊಳ್ಳಬೇಕು ಎಂದರು. ಈ ಬಾರಿ ರೈತರ ಖಾತೆಗೆ ಹಣ ಜಮೆ ಮಾಡಲಾಗುವುದು. ರೈತರು ಅನಗತ್ಯವಾಗಿ ಕಚೇರಿಗೆ ಅಲೆದಾಡುವ ಅವಶ್ಯಕತೆ ಇಲ್ಲ. ಬೆಳೆ ವಿಮೆ ಮಾಡಿಸಿದ ರೈತರು ಸಹಾಯವಾಣಿ ಸಂಖ್ಯೆಗೆ ಕರೆ ಮಾಡಿ ಮಾಹಿತಿ ಪಡೆಯಬಹುದು ಎಂದು ತಿಳಿಸಿದರು.

ಡಿಜಿಟಲ್ ಗ್ರಂಥಾಲಯ ಆರಂಭಿಸಿ

ಹುಳಿಯಾರು: ಹುಳಿಯಾರಿನಲ್ಲಿ ಡಿಜಿಟಲ್ ಗ್ರಂಥಾಲಯ ಆರಂಭಿಸಿ ವಿದ್ಯಾರ್ಥಿಗಳ ಜ್ಞಾನ ವಿಕಾಸಕ್ಕೆ ನೆರವಾಗುವಂತೆ ಎಐಎಸ್ಎಫ್ ಜಿಲ್ಲಾ ಪದಾಧಿಕಾರಿಗಳು ಪಟ್ಟಣ ಪಂಚಾಯಿತಿ ಮುಖ್ಯಾಧಿಕಾರಿ ಹಾಗೂ ತಾಲೂಕು ದಂಡಾಧಿಕಾರಿಗಳ ಮೂಲಕ ಮಾನ್ಯ ಜಿಲ್ಲಾಧಿಕಾರಿಗಳಿಗೆ ಮನವಿ ಸಲ್ಲಿಸಿದರು. ಹುಳಿಯಾರು ಪಟ್ಟಣ ಸುಮಾರು 5000 ಕ್ಕೂ ಹೆಚ್ಚು ವಿದ್ಯಾರ್ಥಿಗಳು ವ್ಯಾಸಂಗ ಮಾಡುತ್ತಿದ್ದು, ಹುಳಿಯಾರು ತಾಲ್ಲೂಕು ಕೇಂದ್ರ ಆಗದಿದ್ದರೂ ಸಹ ಹುಳಿಯಾರು ಪಟ್ಟಣದಲ್ಲಿ ಒಂದು ಡಿಜಿಟಲ್ ಲೈಬ್ರರಿ ಅತ್ಯಗತ್ಯವಾಗಿದೆ. ಕೆಲವು ಗ್ರಾಮಗಳಲ್ಲಿ ಡಿಜಿಟಲ್ ಗ್ರಂಥಾಲಯಗಳಿದ್ದು ಹುಳಿಯಾರು ಪಟ್ಟಣದಲ್ಲಿ ಒಂದು ಸುಸಜ್ಜಿತ ಗ್ರಂಥಾಲಯ ಇಲ್ಲದಿರುವುದು ವಿದ್ಯಾರ್ಥಿಗಳಿಗೆ ಕಲಿಕೆ ತೊಂದರೆಯಾಗುತ್ತಿದೆ. ಕೂಡಲೇ ಹುಳಿಯಾರು ನಗರದಲ್ಲಿ ಡಿಜಿಟಲ್ ಗ್ರಂಥಾಲಯ ಆರಂಭಿಸಲು ಅಗತ್ಯ ಕ್ರಮ ಕೈಗೊಳ್ಳಬೇಕು ಎಂದು ಆಗ್ರಹಿಸಿದರು. ಮನವಿ ಕೊಡುವ ಸಂದರ್ಭದಲ್ಲಿ ಜಿಲ್ಲಾ ಸಂಚಾಲಕರಾದ ಎಚ್.ಆರ್.ಗಂಗಾಧರ್, ಎಐವೈಎಫ್ ಜಿಲ್ಲಾ ಕಾರ್ಯದರ್ಶಿ ಗೋವಿಂದರಾಜು ಹಾಗೂ ದಲಿತ ಕೋಣೆ, ಕಾರ್ಯಕರ್ತರಾದ ಸಾಂಡಿಕುಮಾರ್, ಸಿದ್ದೇಶ್, ಶರತ್ ಆರ್, ಸಂಜಯ್, ಮೋಹನ್ ಕುಮಾರ್ ಉಪಸ್ಥಿತರಿದ್ದರು.
